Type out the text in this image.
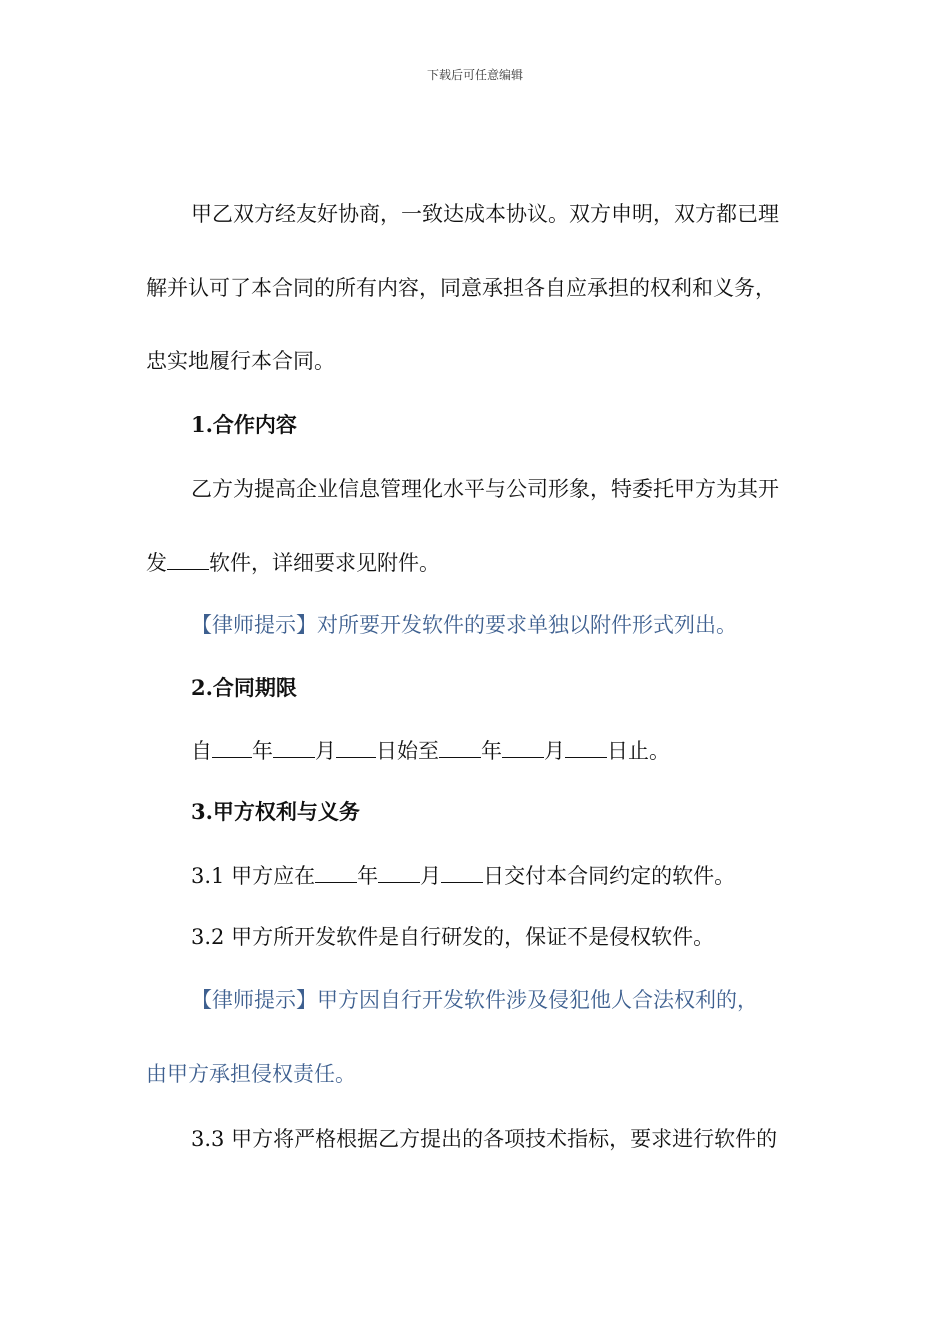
下载后可任意编辑
甲乙双方经友好协商，一致达成本协议。双方申明，双方都已理
解并认可了本合同的所有内容，同意承担各自应承担的权利和义务，
忠实地履行本合同。
1.合作内容
乙方为提高企业信息管理化水平与公司形象，特委托甲方为其开
发 软件，详细要求见附件。
【律师提示】对所要开发软件的要求单独以附件形式列出。
2.合同期限
自 年 月 日始至 年 月 日止。
3.甲方权利与义务
3.1 甲方应在 年 月 日交付本合同约定的软件。
3.2 甲方所开发软件是自行研发的，保证不是侵权软件。
【律师提示】甲方因自行开发软件涉及侵犯他人合法权利的，
由甲方承担侵权责任。
3.3 甲方将严格根据乙方提出的各项技术指标，要求进行软件的
